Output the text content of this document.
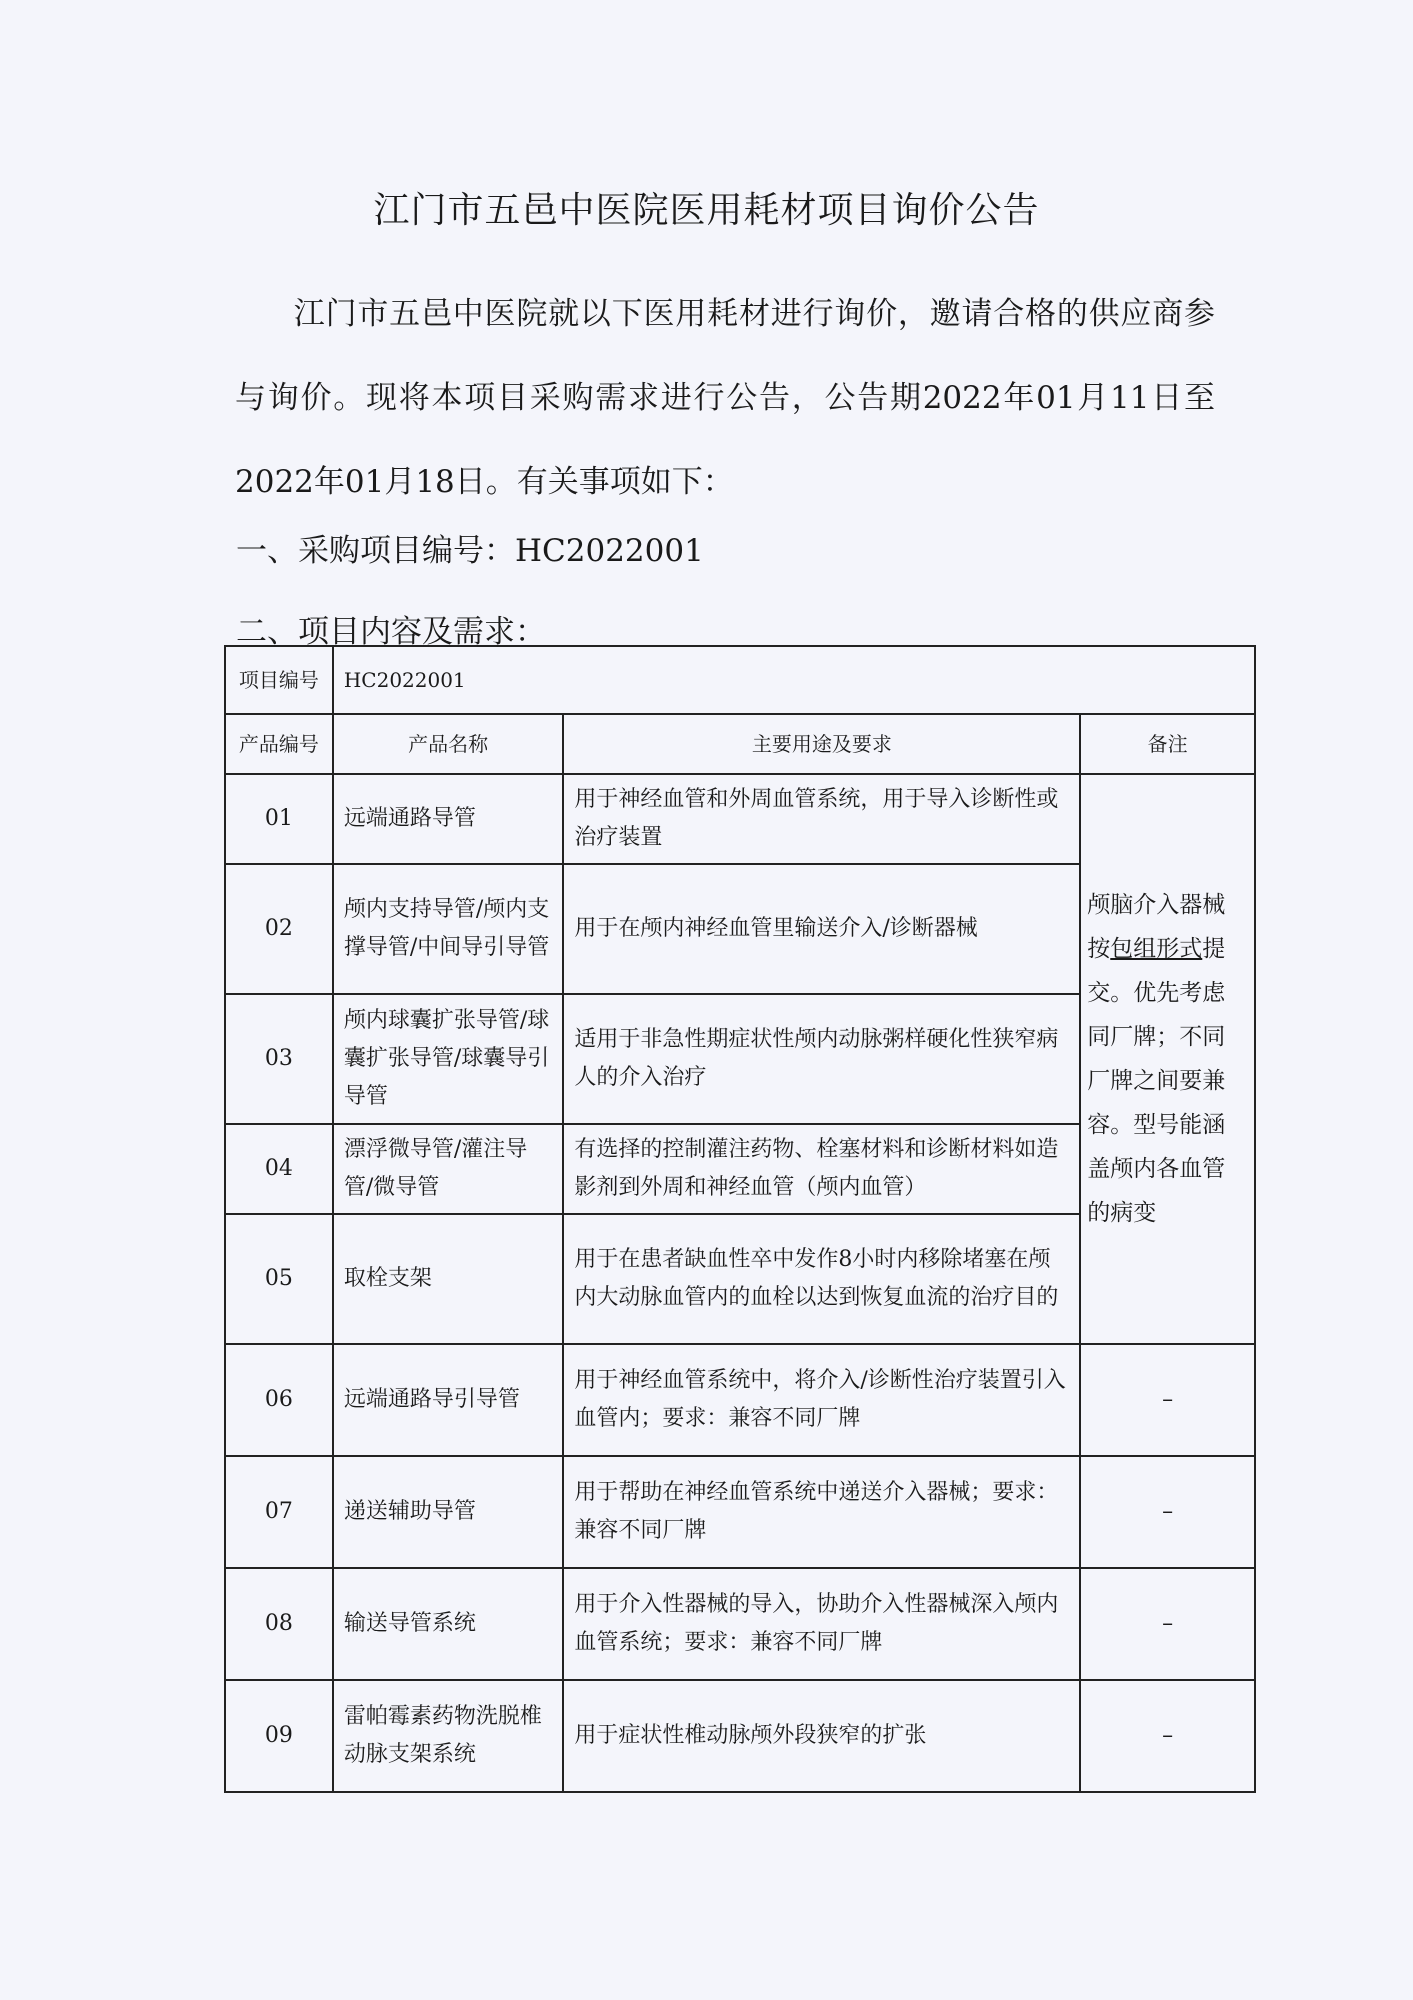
江门市五邑中医院医用耗材项目询价公告
江门市五邑中医院就以下医用耗材进行询价，邀请合格的供应商参与询价。现将本项目采购需求进行公告，公告期2022年01月11日至2022年01月18日。有关事项如下：
一、采购项目编号：HC2022001
二、项目内容及需求：
项目编号	HC2022001		
产品编号	产品名称	主要用途及要求	备注
01	远端通路导管	用于神经血管和外周血管系统，用于导入诊断性或治疗装置	颅脑介入器械按包组形式提交。优先考虑同厂牌；不同厂牌之间要兼容。型号能涵盖颅内各血管的病变
02	颅内支持导管/颅内支撑导管/中间导引导管	用于在颅内神经血管里输送介入/诊断器械	
03	颅内球囊扩张导管/球囊扩张导管/球囊导引导管	适用于非急性期症状性颅内动脉粥样硬化性狭窄病人的介入治疗	
04	漂浮微导管/灌注导管/微导管	有选择的控制灌注药物、栓塞材料和诊断材料如造影剂到外周和神经血管（颅内血管）	
05	取栓支架	用于在患者缺血性卒中发作8小时内移除堵塞在颅内大动脉血管内的血栓以达到恢复血流的治疗目的	
06	远端通路导引导管	用于神经血管系统中，将介入/诊断性治疗装置引入血管内；要求：兼容不同厂牌	–
07	递送辅助导管	用于帮助在神经血管系统中递送介入器械；要求：兼容不同厂牌	–
08	输送导管系统	用于介入性器械的导入，协助介入性器械深入颅内血管系统；要求：兼容不同厂牌	–
09	雷帕霉素药物洗脱椎动脉支架系统	用于症状性椎动脉颅外段狭窄的扩张	–
